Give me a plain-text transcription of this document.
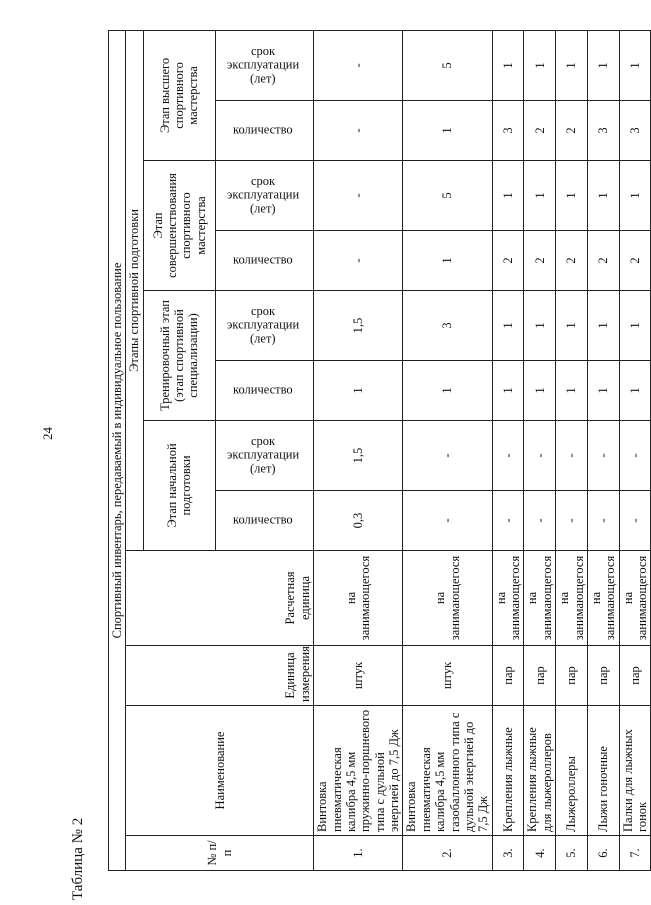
24
Таблица № 2
Спортивный инвентарь, передаваемый в индивидуальное пользование											
№ п/п	Наименование	Единица измерения	Расчетная единица	Этапы спортивной подготовки							
				Этап начальной подготовки		Тренировочный этап (этап спортивной специализации)		Этап совершенствования спортивного мастерства		Этап высшего спортивного мастерства	
				количество	срок эксплуатации (лет)	количество	срок эксплуатации (лет)	количество	срок эксплуатации (лет)	количество	срок эксплуатации (лет)
1.	Винтовка пневматическая калибра 4,5 мм пружинно-поршневого типа с дульной энергией до 7,5 Дж	штук	на занимающегося	0,3	1,5	1	1,5	-	-	-	-
2.	Винтовка пневматическая калибра 4,5 мм газобаллонного типа с дульной энергией до 7,5 Дж	штук	на занимающегося	-	-	1	3	1	5	1	5
3.	Крепления лыжные	пар	на занимающегося	-	-	1	1	2	1	3	1
4.	Крепления лыжные для лыжероллеров	пар	на занимающегося	-	-	1	1	2	1	2	1
5.	Лыжероллеры	пар	на занимающегося	-	-	1	1	2	1	2	1
6.	Лыжи гоночные	пар	на занимающегося	-	-	1	1	2	1	3	1
7.	Палки для лыжных гонок	пар	на занимающегося	-	-	1	1	2	1	3	1
